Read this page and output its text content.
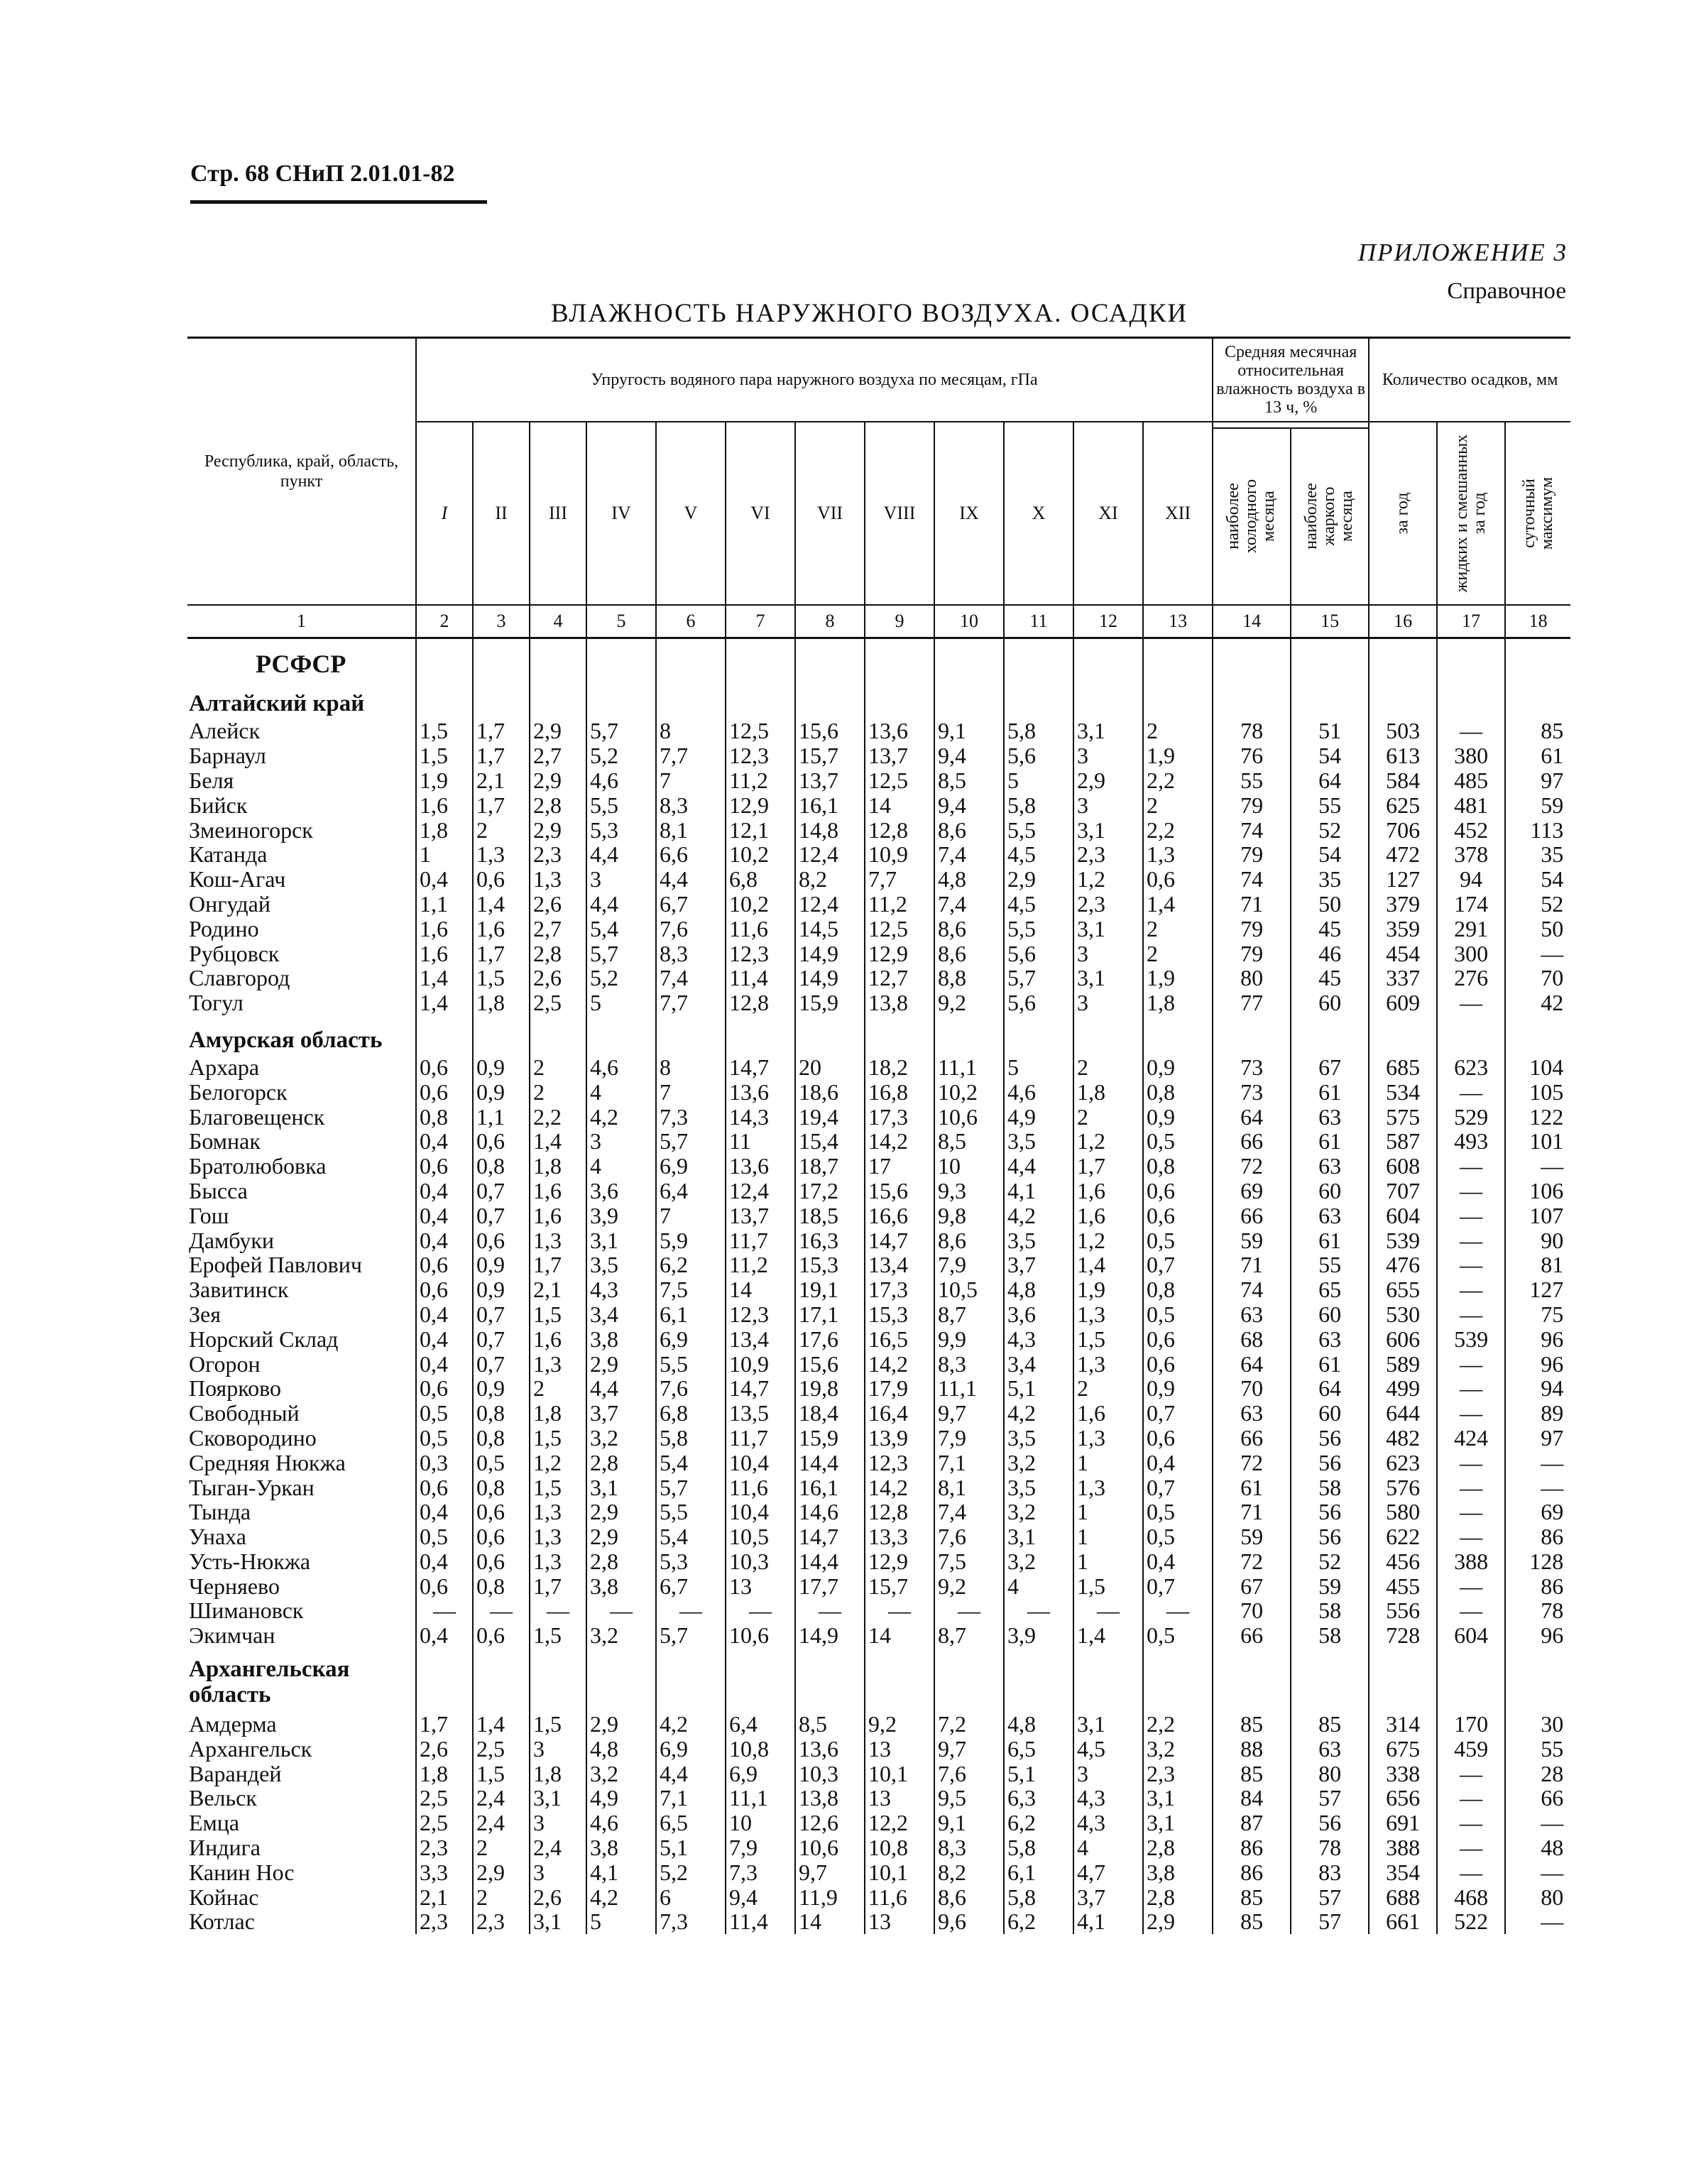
Стр. 68 СНиП 2.01.01-82
ПРИЛОЖЕНИЕ 3
Справочное
ВЛАЖНОСТЬ НАРУЖНОГО ВОЗДУХА. ОСАДКИ
Республика, край, область, пункт	Упругость водяного пара наружного воздуха по месяцам, гПа												Средняя месячная относительная влажность воздуха в 13 ч, %		Количество осадков, мм		
	I	II	III	IV	V	VI	VII	VIII	IX	X	XI	XII			за год	жидких и смешанных за год	суточный максимум

													наиболее холодного месяца	наиболее жаркого месяца			

1	2	3	4	5	6	7	8	9	10	11	12	13	14	15	16	17	18
РСФСР																	
Алтайский край																	
Алейск	1,5	1,7	2,9	5,7	8	12,5	15,6	13,6	9,1	5,8	3,1	2	78	51	503	—	85
Барнаул	1,5	1,7	2,7	5,2	7,7	12,3	15,7	13,7	9,4	5,6	3	1,9	76	54	613	380	61
Беля	1,9	2,1	2,9	4,6	7	11,2	13,7	12,5	8,5	5	2,9	2,2	55	64	584	485	97
Бийск	1,6	1,7	2,8	5,5	8,3	12,9	16,1	14	9,4	5,8	3	2	79	55	625	481	59
Змеиногорск	1,8	2	2,9	5,3	8,1	12,1	14,8	12,8	8,6	5,5	3,1	2,2	74	52	706	452	113
Катанда	1	1,3	2,3	4,4	6,6	10,2	12,4	10,9	7,4	4,5	2,3	1,3	79	54	472	378	35
Кош-Агач	0,4	0,6	1,3	3	4,4	6,8	8,2	7,7	4,8	2,9	1,2	0,6	74	35	127	94	54
Онгудай	1,1	1,4	2,6	4,4	6,7	10,2	12,4	11,2	7,4	4,5	2,3	1,4	71	50	379	174	52
Родино	1,6	1,6	2,7	5,4	7,6	11,6	14,5	12,5	8,6	5,5	3,1	2	79	45	359	291	50
Рубцовск	1,6	1,7	2,8	5,7	8,3	12,3	14,9	12,9	8,6	5,6	3	2	79	46	454	300	—
Славгород	1,4	1,5	2,6	5,2	7,4	11,4	14,9	12,7	8,8	5,7	3,1	1,9	80	45	337	276	70
Тогул	1,4	1,8	2,5	5	7,7	12,8	15,9	13,8	9,2	5,6	3	1,8	77	60	609	—	42
Амурская область																	
Архара	0,6	0,9	2	4,6	8	14,7	20	18,2	11,1	5	2	0,9	73	67	685	623	104
Белогорск	0,6	0,9	2	4	7	13,6	18,6	16,8	10,2	4,6	1,8	0,8	73	61	534	—	105
Благовещенск	0,8	1,1	2,2	4,2	7,3	14,3	19,4	17,3	10,6	4,9	2	0,9	64	63	575	529	122
Бомнак	0,4	0,6	1,4	3	5,7	11	15,4	14,2	8,5	3,5	1,2	0,5	66	61	587	493	101
Братолюбовка	0,6	0,8	1,8	4	6,9	13,6	18,7	17	10	4,4	1,7	0,8	72	63	608	—	—
Бысса	0,4	0,7	1,6	3,6	6,4	12,4	17,2	15,6	9,3	4,1	1,6	0,6	69	60	707	—	106
Гош	0,4	0,7	1,6	3,9	7	13,7	18,5	16,6	9,8	4,2	1,6	0,6	66	63	604	—	107
Дамбуки	0,4	0,6	1,3	3,1	5,9	11,7	16,3	14,7	8,6	3,5	1,2	0,5	59	61	539	—	90
Ерофей Павлович	0,6	0,9	1,7	3,5	6,2	11,2	15,3	13,4	7,9	3,7	1,4	0,7	71	55	476	—	81
Завитинск	0,6	0,9	2,1	4,3	7,5	14	19,1	17,3	10,5	4,8	1,9	0,8	74	65	655	—	127
Зея	0,4	0,7	1,5	3,4	6,1	12,3	17,1	15,3	8,7	3,6	1,3	0,5	63	60	530	—	75
Норский Склад	0,4	0,7	1,6	3,8	6,9	13,4	17,6	16,5	9,9	4,3	1,5	0,6	68	63	606	539	96
Огорон	0,4	0,7	1,3	2,9	5,5	10,9	15,6	14,2	8,3	3,4	1,3	0,6	64	61	589	—	96
Поярково	0,6	0,9	2	4,4	7,6	14,7	19,8	17,9	11,1	5,1	2	0,9	70	64	499	—	94
Свободный	0,5	0,8	1,8	3,7	6,8	13,5	18,4	16,4	9,7	4,2	1,6	0,7	63	60	644	—	89
Сковородино	0,5	0,8	1,5	3,2	5,8	11,7	15,9	13,9	7,9	3,5	1,3	0,6	66	56	482	424	97
Средняя Нюкжа	0,3	0,5	1,2	2,8	5,4	10,4	14,4	12,3	7,1	3,2	1	0,4	72	56	623	—	—
Тыган-Уркан	0,6	0,8	1,5	3,1	5,7	11,6	16,1	14,2	8,1	3,5	1,3	0,7	61	58	576	—	—
Тында	0,4	0,6	1,3	2,9	5,5	10,4	14,6	12,8	7,4	3,2	1	0,5	71	56	580	—	69
Унаха	0,5	0,6	1,3	2,9	5,4	10,5	14,7	13,3	7,6	3,1	1	0,5	59	56	622	—	86
Усть-Нюкжа	0,4	0,6	1,3	2,8	5,3	10,3	14,4	12,9	7,5	3,2	1	0,4	72	52	456	388	128
Черняево	0,6	0,8	1,7	3,8	6,7	13	17,7	15,7	9,2	4	1,5	0,7	67	59	455	—	86
Шимановск	—	—	—	—	—	—	—	—	—	—	—	—	70	58	556	—	78
Экимчан	0,4	0,6	1,5	3,2	5,7	10,6	14,9	14	8,7	3,9	1,4	0,5	66	58	728	604	96
Архангельская область																	
Амдерма	1,7	1,4	1,5	2,9	4,2	6,4	8,5	9,2	7,2	4,8	3,1	2,2	85	85	314	170	30
Архангельск	2,6	2,5	3	4,8	6,9	10,8	13,6	13	9,7	6,5	4,5	3,2	88	63	675	459	55
Варандей	1,8	1,5	1,8	3,2	4,4	6,9	10,3	10,1	7,6	5,1	3	2,3	85	80	338	—	28
Вельск	2,5	2,4	3,1	4,9	7,1	11,1	13,8	13	9,5	6,3	4,3	3,1	84	57	656	—	66
Емца	2,5	2,4	3	4,6	6,5	10	12,6	12,2	9,1	6,2	4,3	3,1	87	56	691	—	—
Индига	2,3	2	2,4	3,8	5,1	7,9	10,6	10,8	8,3	5,8	4	2,8	86	78	388	—	48
Канин Нос	3,3	2,9	3	4,1	5,2	7,3	9,7	10,1	8,2	6,1	4,7	3,8	86	83	354	—	—
Койнас	2,1	2	2,6	4,2	6	9,4	11,9	11,6	8,6	5,8	3,7	2,8	85	57	688	468	80
Котлас	2,3	2,3	3,1	5	7,3	11,4	14	13	9,6	6,2	4,1	2,9	85	57	661	522	—
